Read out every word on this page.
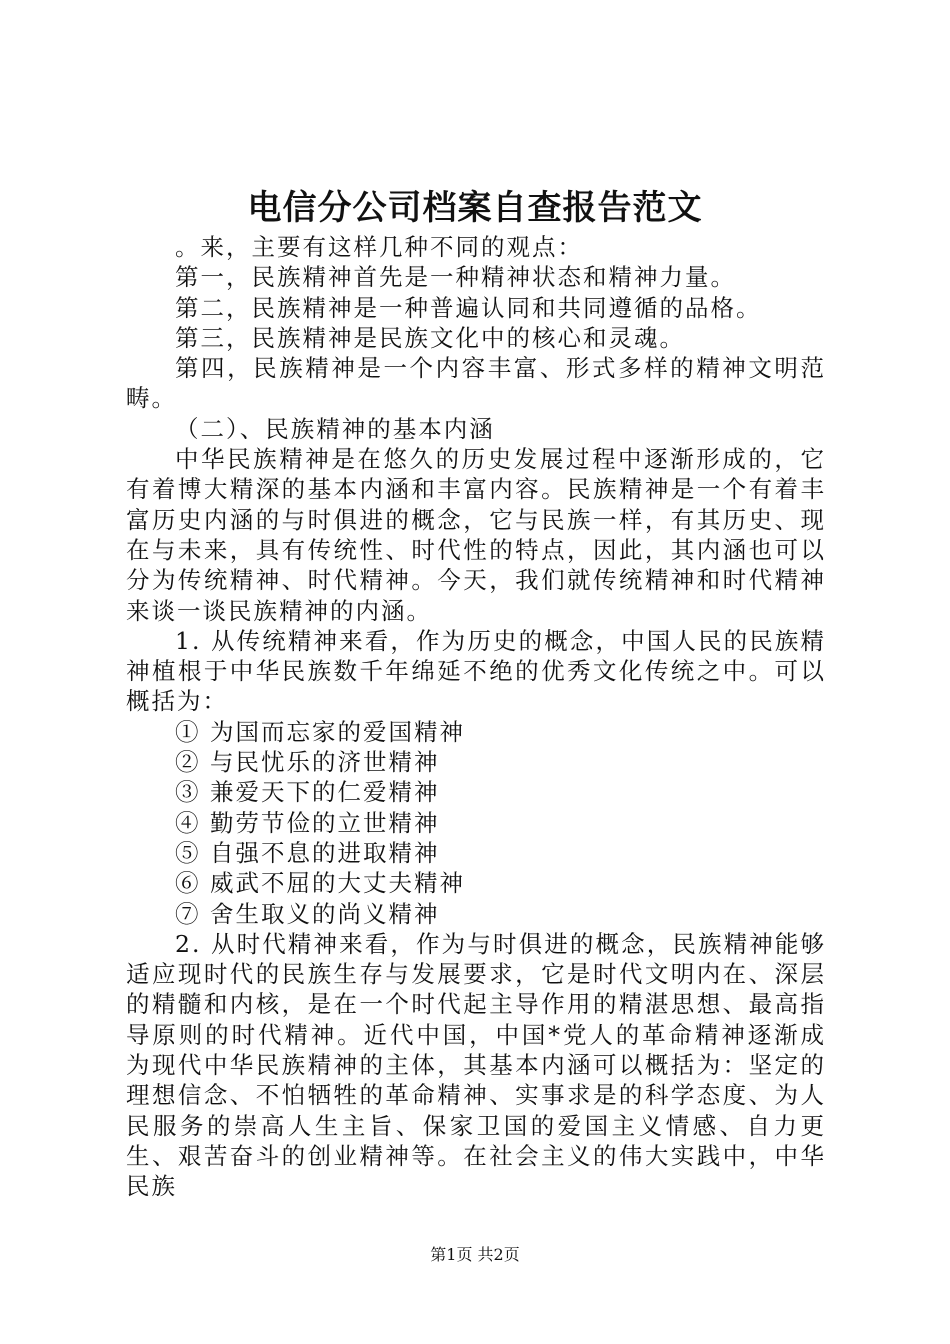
电信分公司档案自查报告范文

。来，主要有这样几种不同的观点：

第一，民族精神首先是一种精神状态和精神力量。

第二，民族精神是一种普遍认同和共同遵循的品格。

第三，民族精神是民族文化中的核心和灵魂。

第四，民族精神是一个内容丰富、形式多样的精神文明范畴。

（二）、民族精神的基本内涵

中华民族精神是在悠久的历史发展过程中逐渐形成的，它有着博大精深的基本内涵和丰富内容。民族精神是一个有着丰富历史内涵的与时俱进的概念，它与民族一样，有其历史、现在与未来，具有传统性、时代性的特点，因此，其内涵也可以分为传统精神、时代精神。今天，我们就传统精神和时代精神来谈一谈民族精神的内涵。

1. 从传统精神来看，作为历史的概念，中国人民的民族精神植根于中华民族数千年绵延不绝的优秀文化传统之中。可以概括为：

① 为国而忘家的爱国精神

② 与民忧乐的济世精神

③ 兼爱天下的仁爱精神

④ 勤劳节俭的立世精神

⑤ 自强不息的进取精神

⑥ 威武不屈的大丈夫精神

⑦ 舍生取义的尚义精神

2. 从时代精神来看，作为与时俱进的概念，民族精神能够适应现时代的民族生存与发展要求，它是时代文明内在、深层的精髓和内核，是在一个时代起主导作用的精湛思想、最高指导原则的时代精神。近代中国，中国*党人的革命精神逐渐成为现代中华民族精神的主体，其基本内涵可以概括为：坚定的理想信念、不怕牺牲的革命精神、实事求是的科学态度、为人民服务的崇高人生主旨、保家卫国的爱国主义情感、自力更生、艰苦奋斗的创业精神等。在社会主义的伟大实践中，中华民族

第1页 共2页
